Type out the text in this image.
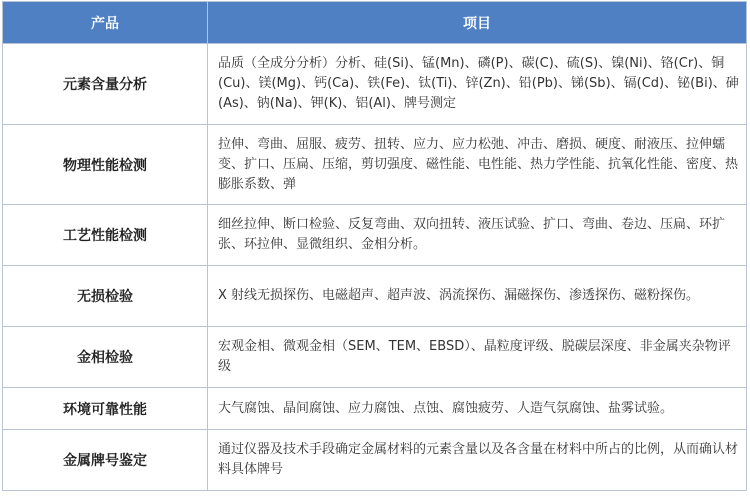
产品	项目
元素含量分析	品质（全成分分析）分析、硅(Si)、锰(Mn)、磷(P)、碳(C)、硫(S)、镍(Ni)、铬(Cr)、铜(Cu)、镁(Mg)、钙(Ca)、铁(Fe)、钛(Ti)、锌(Zn)、铅(Pb)、锑(Sb)、镉(Cd)、铋(Bi)、砷(As)、钠(Na)、钾(K)、铝(Al)、牌号测定
物理性能检测	拉伸、弯曲、屈服、疲劳、扭转、应力、应力松弛、冲击、磨损、硬度、耐液压、拉伸蠕变、扩口、压扁、压缩，剪切强度、磁性能、电性能、热力学性能、抗氧化性能、密度、热膨胀系数、弹
工艺性能检测	细丝拉伸、断口检验、反复弯曲、双向扭转、液压试验、扩口、弯曲、卷边、压扁、环扩张、环拉伸、显微组织、金相分析。
无损检验	X 射线无损探伤、电磁超声、超声波、涡流探伤、漏磁探伤、渗透探伤、磁粉探伤。
金相检验	宏观金相、微观金相（SEM、TEM、EBSD）、晶粒度评级、脱碳层深度、非金属夹杂物评级
环境可靠性能	大气腐蚀、晶间腐蚀、应力腐蚀、点蚀、腐蚀疲劳、人造气氛腐蚀、盐雾试验。
金属牌号鉴定	通过仪器及技术手段确定金属材料的元素含量以及各含量在材料中所占的比例，从而确认材料具体牌号
